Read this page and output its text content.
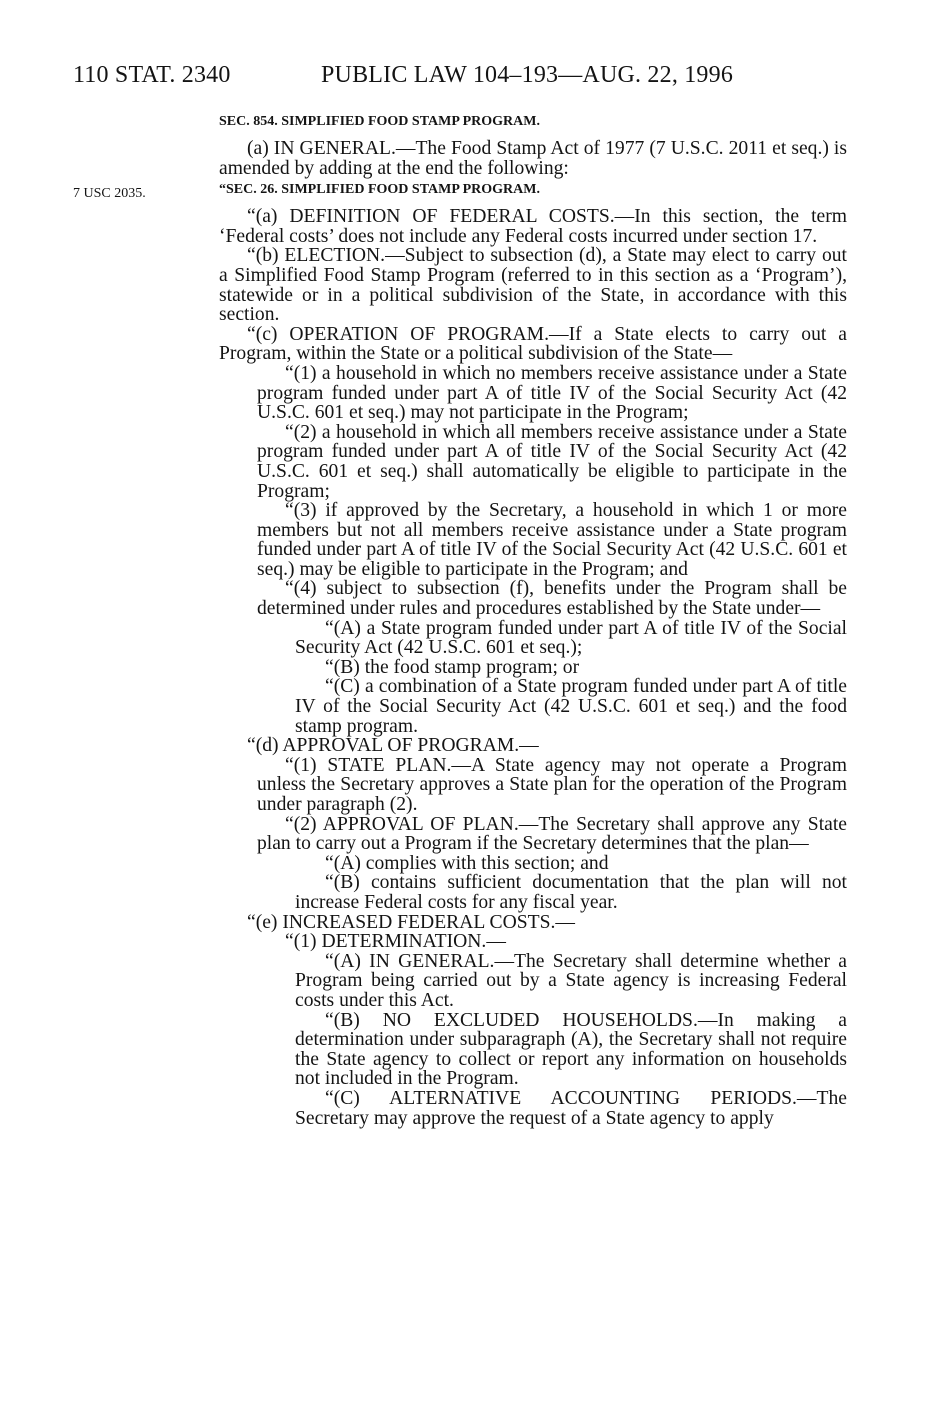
110 STAT. 2340	PUBLIC LAW 104–193—AUG. 22, 1996
7 USC 2035.

SEC. 854. SIMPLIFIED FOOD STAMP PROGRAM.

(a) IN GENERAL.—The Food Stamp Act of 1977 (7 U.S.C. 2011 et seq.) is amended by adding at the end the following:

“SEC. 26. SIMPLIFIED FOOD STAMP PROGRAM.

“(a) DEFINITION OF FEDERAL COSTS.—In this section, the term ‘Federal costs’ does not include any Federal costs incurred under section 17.

“(b) ELECTION.—Subject to subsection (d), a State may elect to carry out a Simplified Food Stamp Program (referred to in this section as a ‘Program’), statewide or in a political subdivision of the State, in accordance with this section.

“(c) OPERATION OF PROGRAM.—If a State elects to carry out a Program, within the State or a political subdivision of the State—

“(1) a household in which no members receive assistance under a State program funded under part A of title IV of the Social Security Act (42 U.S.C. 601 et seq.) may not participate in the Program;

“(2) a household in which all members receive assistance under a State program funded under part A of title IV of the Social Security Act (42 U.S.C. 601 et seq.) shall automatically be eligible to participate in the Program;

“(3) if approved by the Secretary, a household in which 1 or more members but not all members receive assistance under a State program funded under part A of title IV of the Social Security Act (42 U.S.C. 601 et seq.) may be eligible to participate in the Program; and

“(4) subject to subsection (f), benefits under the Program shall be determined under rules and procedures established by the State under—

“(A) a State program funded under part A of title IV of the Social Security Act (42 U.S.C. 601 et seq.);

“(B) the food stamp program; or

“(C) a combination of a State program funded under part A of title IV of the Social Security Act (42 U.S.C. 601 et seq.) and the food stamp program.

“(d) APPROVAL OF PROGRAM.—

“(1) STATE PLAN.—A State agency may not operate a Program unless the Secretary approves a State plan for the operation of the Program under paragraph (2).

“(2) APPROVAL OF PLAN.—The Secretary shall approve any State plan to carry out a Program if the Secretary determines that the plan—

“(A) complies with this section; and

“(B) contains sufficient documentation that the plan will not increase Federal costs for any fiscal year.

“(e) INCREASED FEDERAL COSTS.—

“(1) DETERMINATION.—

“(A) IN GENERAL.—The Secretary shall determine whether a Program being carried out by a State agency is increasing Federal costs under this Act.

“(B) NO EXCLUDED HOUSEHOLDS.—In making a determination under subparagraph (A), the Secretary shall not require the State agency to collect or report any information on households not included in the Program.

“(C) ALTERNATIVE ACCOUNTING PERIODS.—The Secretary may approve the request of a State agency to apply
